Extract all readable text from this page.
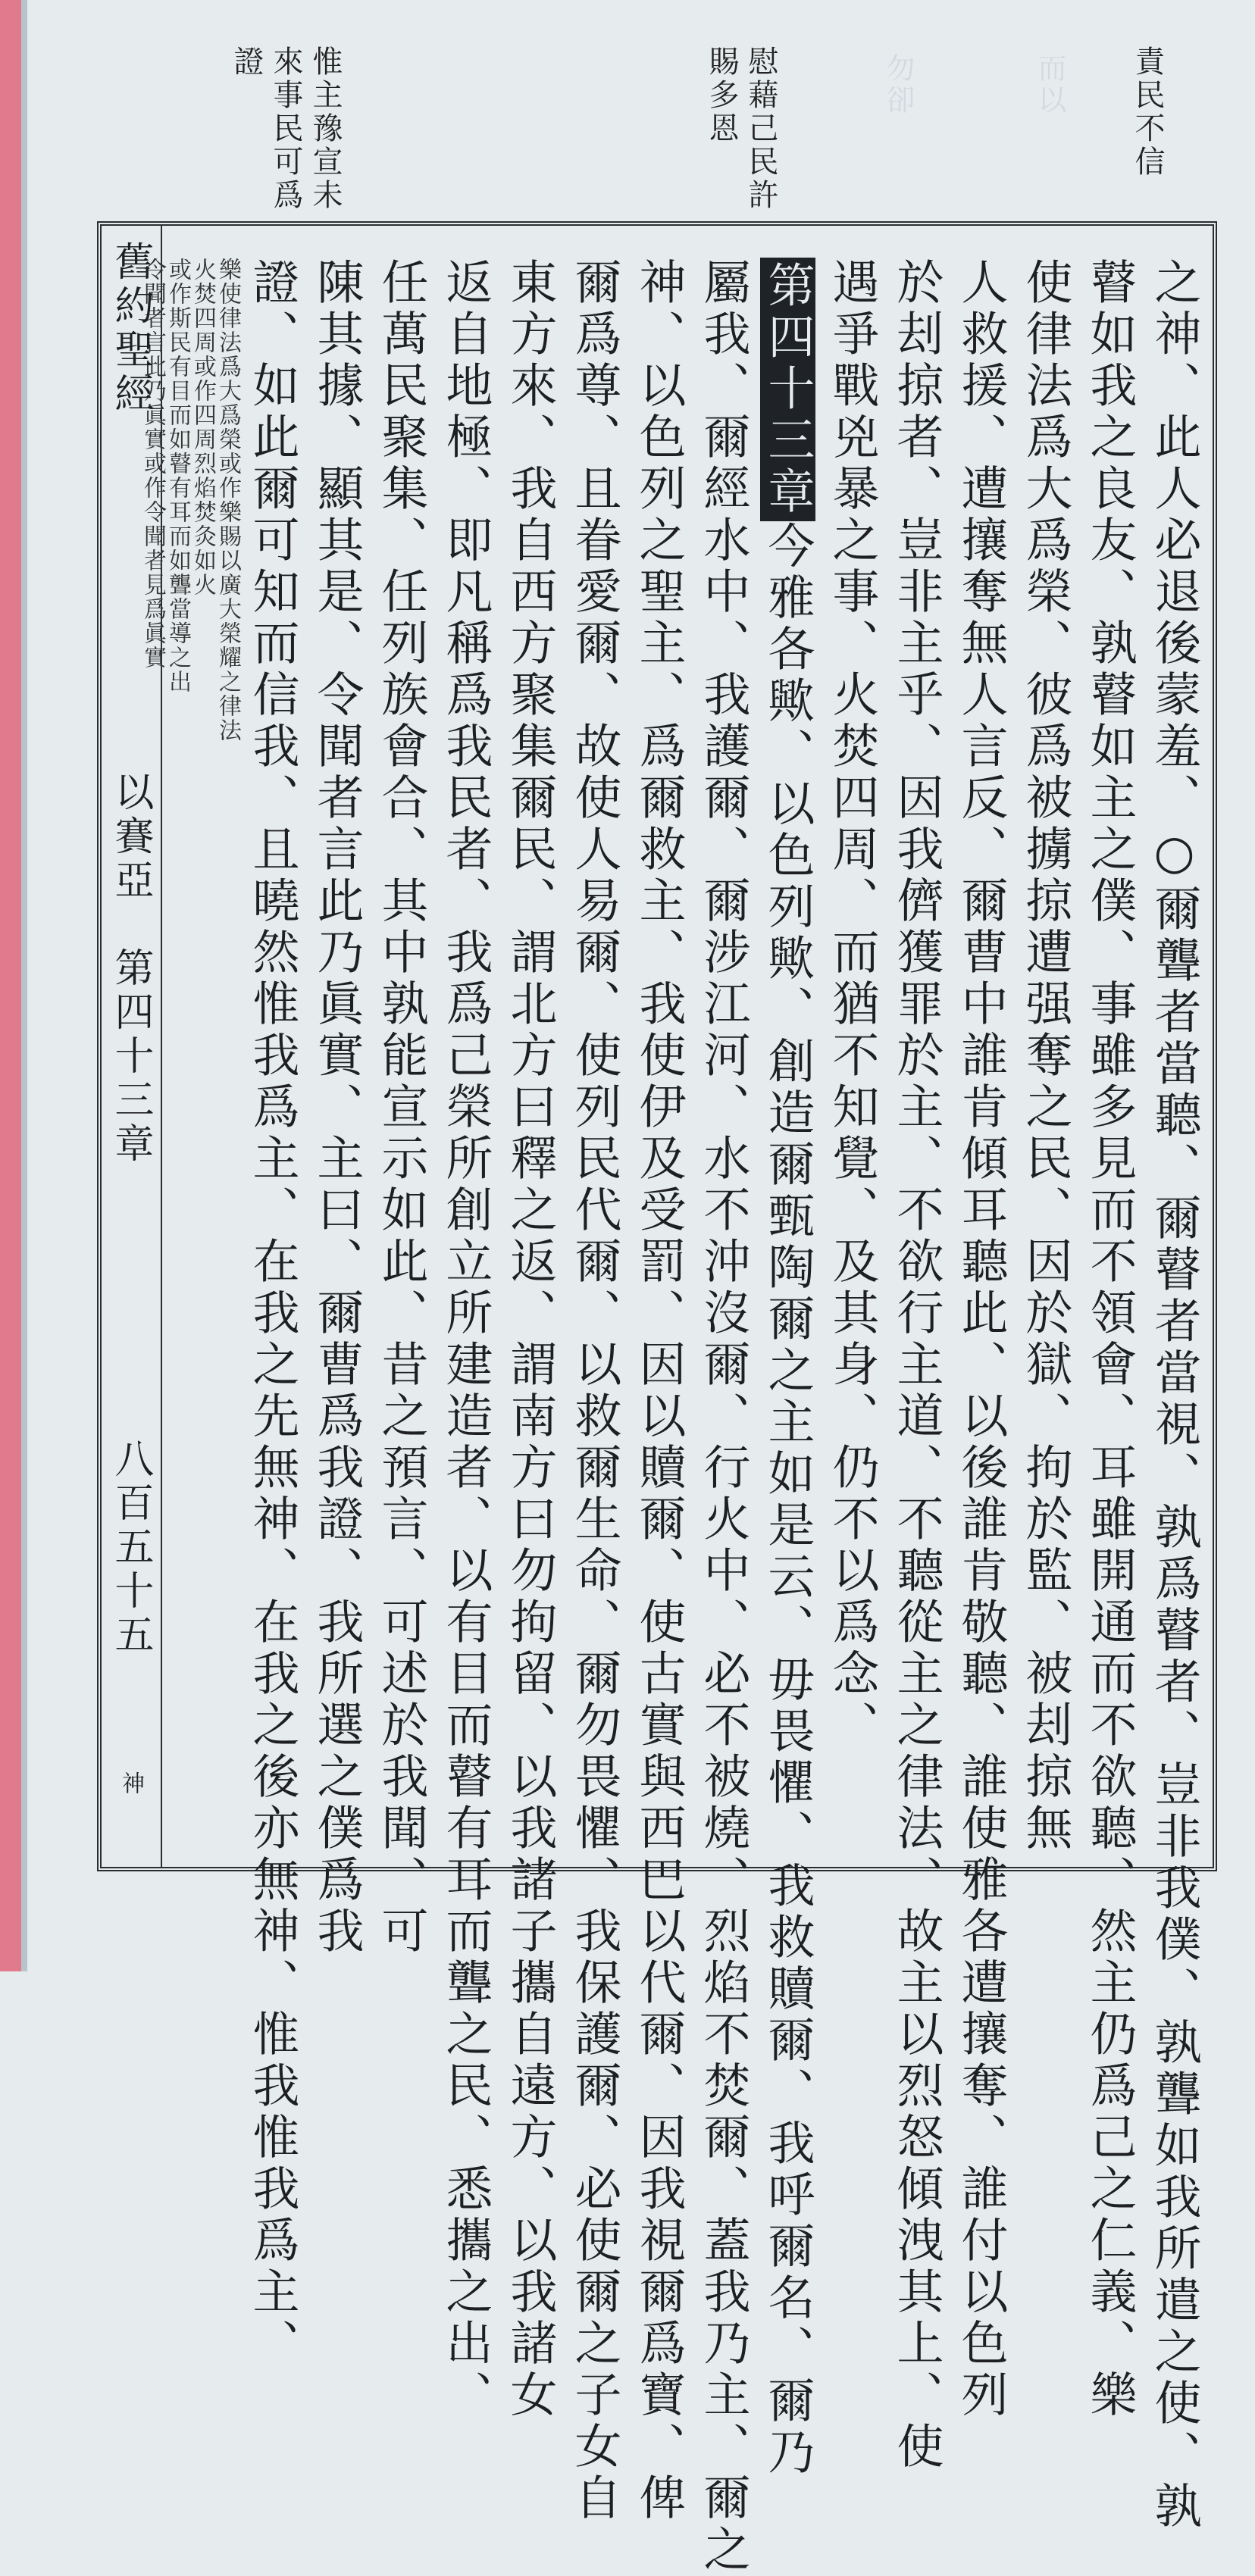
而以
勿卻	責民不信
慰藉己民許賜多恩
惟主豫宣未來事民可爲證
之神、此人必退後蒙羞、○爾聾者當聽、爾瞽者當視、孰爲瞽者、豈非我僕、孰聾如我所遣之使、孰
瞽如我之良友、孰瞽如主之僕、事雖多見而不領會、耳雖開通而不欲聽、然主仍爲己之仁義、樂
使律法爲大爲榮、彼爲被擄掠遭强奪之民、因於獄、拘於監、被刦掠無
人救援、遭攘奪無人言反、爾曹中誰肯傾耳聽此、以後誰肯敬聽、誰使雅各遭攘奪、誰付以色列
於刦掠者、豈非主乎、因我儕獲罪於主、不欲行主道、不聽從主之律法、故主以烈怒傾洩其上、使
遇爭戰兇暴之事、火焚四周、而猶不知覺、及其身、仍不以爲念、
第四十三章今雅各歟、以色列歟、創造爾甄陶爾之主如是云、毋畏懼、我救贖爾、我呼爾名、爾乃
屬我、爾經水中、我護爾、爾涉江河、水不沖沒爾、行火中、必不被燒、烈焰不焚爾、蓋我乃主、爾之
神、以色列之聖主、爲爾救主、我使伊及受罰、因以贖爾、使古實與西巴以代爾、因我視爾爲寶、俾
爾爲尊、且眷愛爾、故使人易爾、使列民代爾、以救爾生命、爾勿畏懼、我保護爾、必使爾之子女自
東方來、我自西方聚集爾民、謂北方曰釋之返、謂南方曰勿拘留、以我諸子攜自遠方、以我諸女
返自地極、即凡稱爲我民者、我爲己榮所創立所建造者、以有目而瞽有耳而聾之民、悉攜之出、
任萬民聚集、任列族會合、其中孰能宣示如此、昔之預言、可述於我聞、可
陳其據、顯其是、令聞者言此乃眞實、主曰、爾曹爲我證、我所選之僕爲我
證、如此爾可知而信我、且曉然惟我爲主、在我之先無神、在我之後亦無神、惟我惟我爲主、
樂使律法爲大爲榮或作樂賜以廣大榮耀之律法
火焚四周或作四周烈焰焚灸如火
或作斯民有目而如瞽有耳而如聾當導之出
令聞者言此乃眞實或作令聞者見爲眞實
舊約聖經
以賽亞　第四十三章
八百五十五
神
